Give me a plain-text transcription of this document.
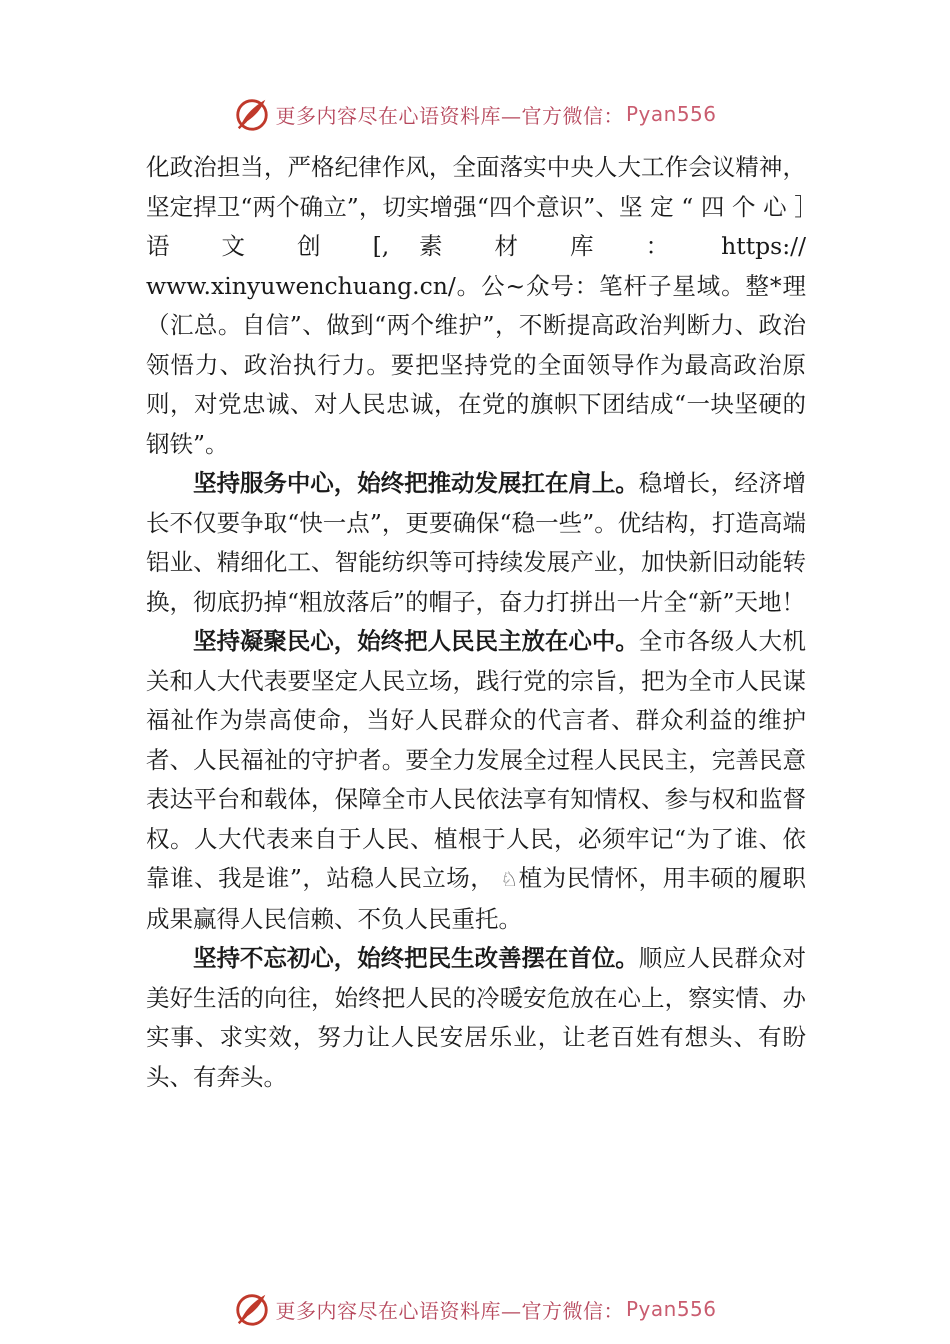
更多内容尽在心语资料库—官方微信： Pyan556

化政治担当，严格纪律作风，全面落实中央人大工作会议精神，坚定捍卫“两个确立”，切实增强“四个意识”、坚 定 “ 四 个 心 ］语 文 创 [, 素 材 库 ： https:// www.xinyuwenchuang.cn/。公~众号：笔杆子星域。整*理（汇总。自信”、做到“两个维护”，不断提高政治判断力、政治领悟力、政治执行力。要把坚持党的全面领导作为最高政治原则，对党忠诚、对人民忠诚，在党的旗帜下团结成“一块坚硬的钢铁”。

坚持服务中心，始终把推动发展扛在肩上。稳增长，经济增长不仅要争取“快一点”，更要确保“稳一些”。优结构，打造高端铝业、精细化工、智能纺织等可持续发展产业，加快新旧动能转换，彻底扔掉“粗放落后”的帽子，奋力打拼出一片全“新”天地！

坚持凝聚民心，始终把人民民主放在心中。全市各级人大机关和人大代表要坚定人民立场，践行党的宗旨，把为全市人民谋福祉作为崇高使命，当好人民群众的代言者、群众利益的维护者、人民福祉的守护者。要全力发展全过程人民民主，完善民意表达平台和载体，保障全市人民依法享有知情权、参与权和监督权。人大代表来自于人民、植根于人民，必须牢记“为了谁、依靠谁、我是谁”，站稳人民立场， ♘植为民情怀，用丰硕的履职成果赢得人民信赖、不负人民重托。

坚持不忘初心，始终把民生改善摆在首位。顺应人民群众对美好生活的向往，始终把人民的冷暖安危放在心上，察实情、办实事、求实效，努力让人民安居乐业，让老百姓有想头、有盼头、有奔头。

更多内容尽在心语资料库—官方微信： Pyan556
